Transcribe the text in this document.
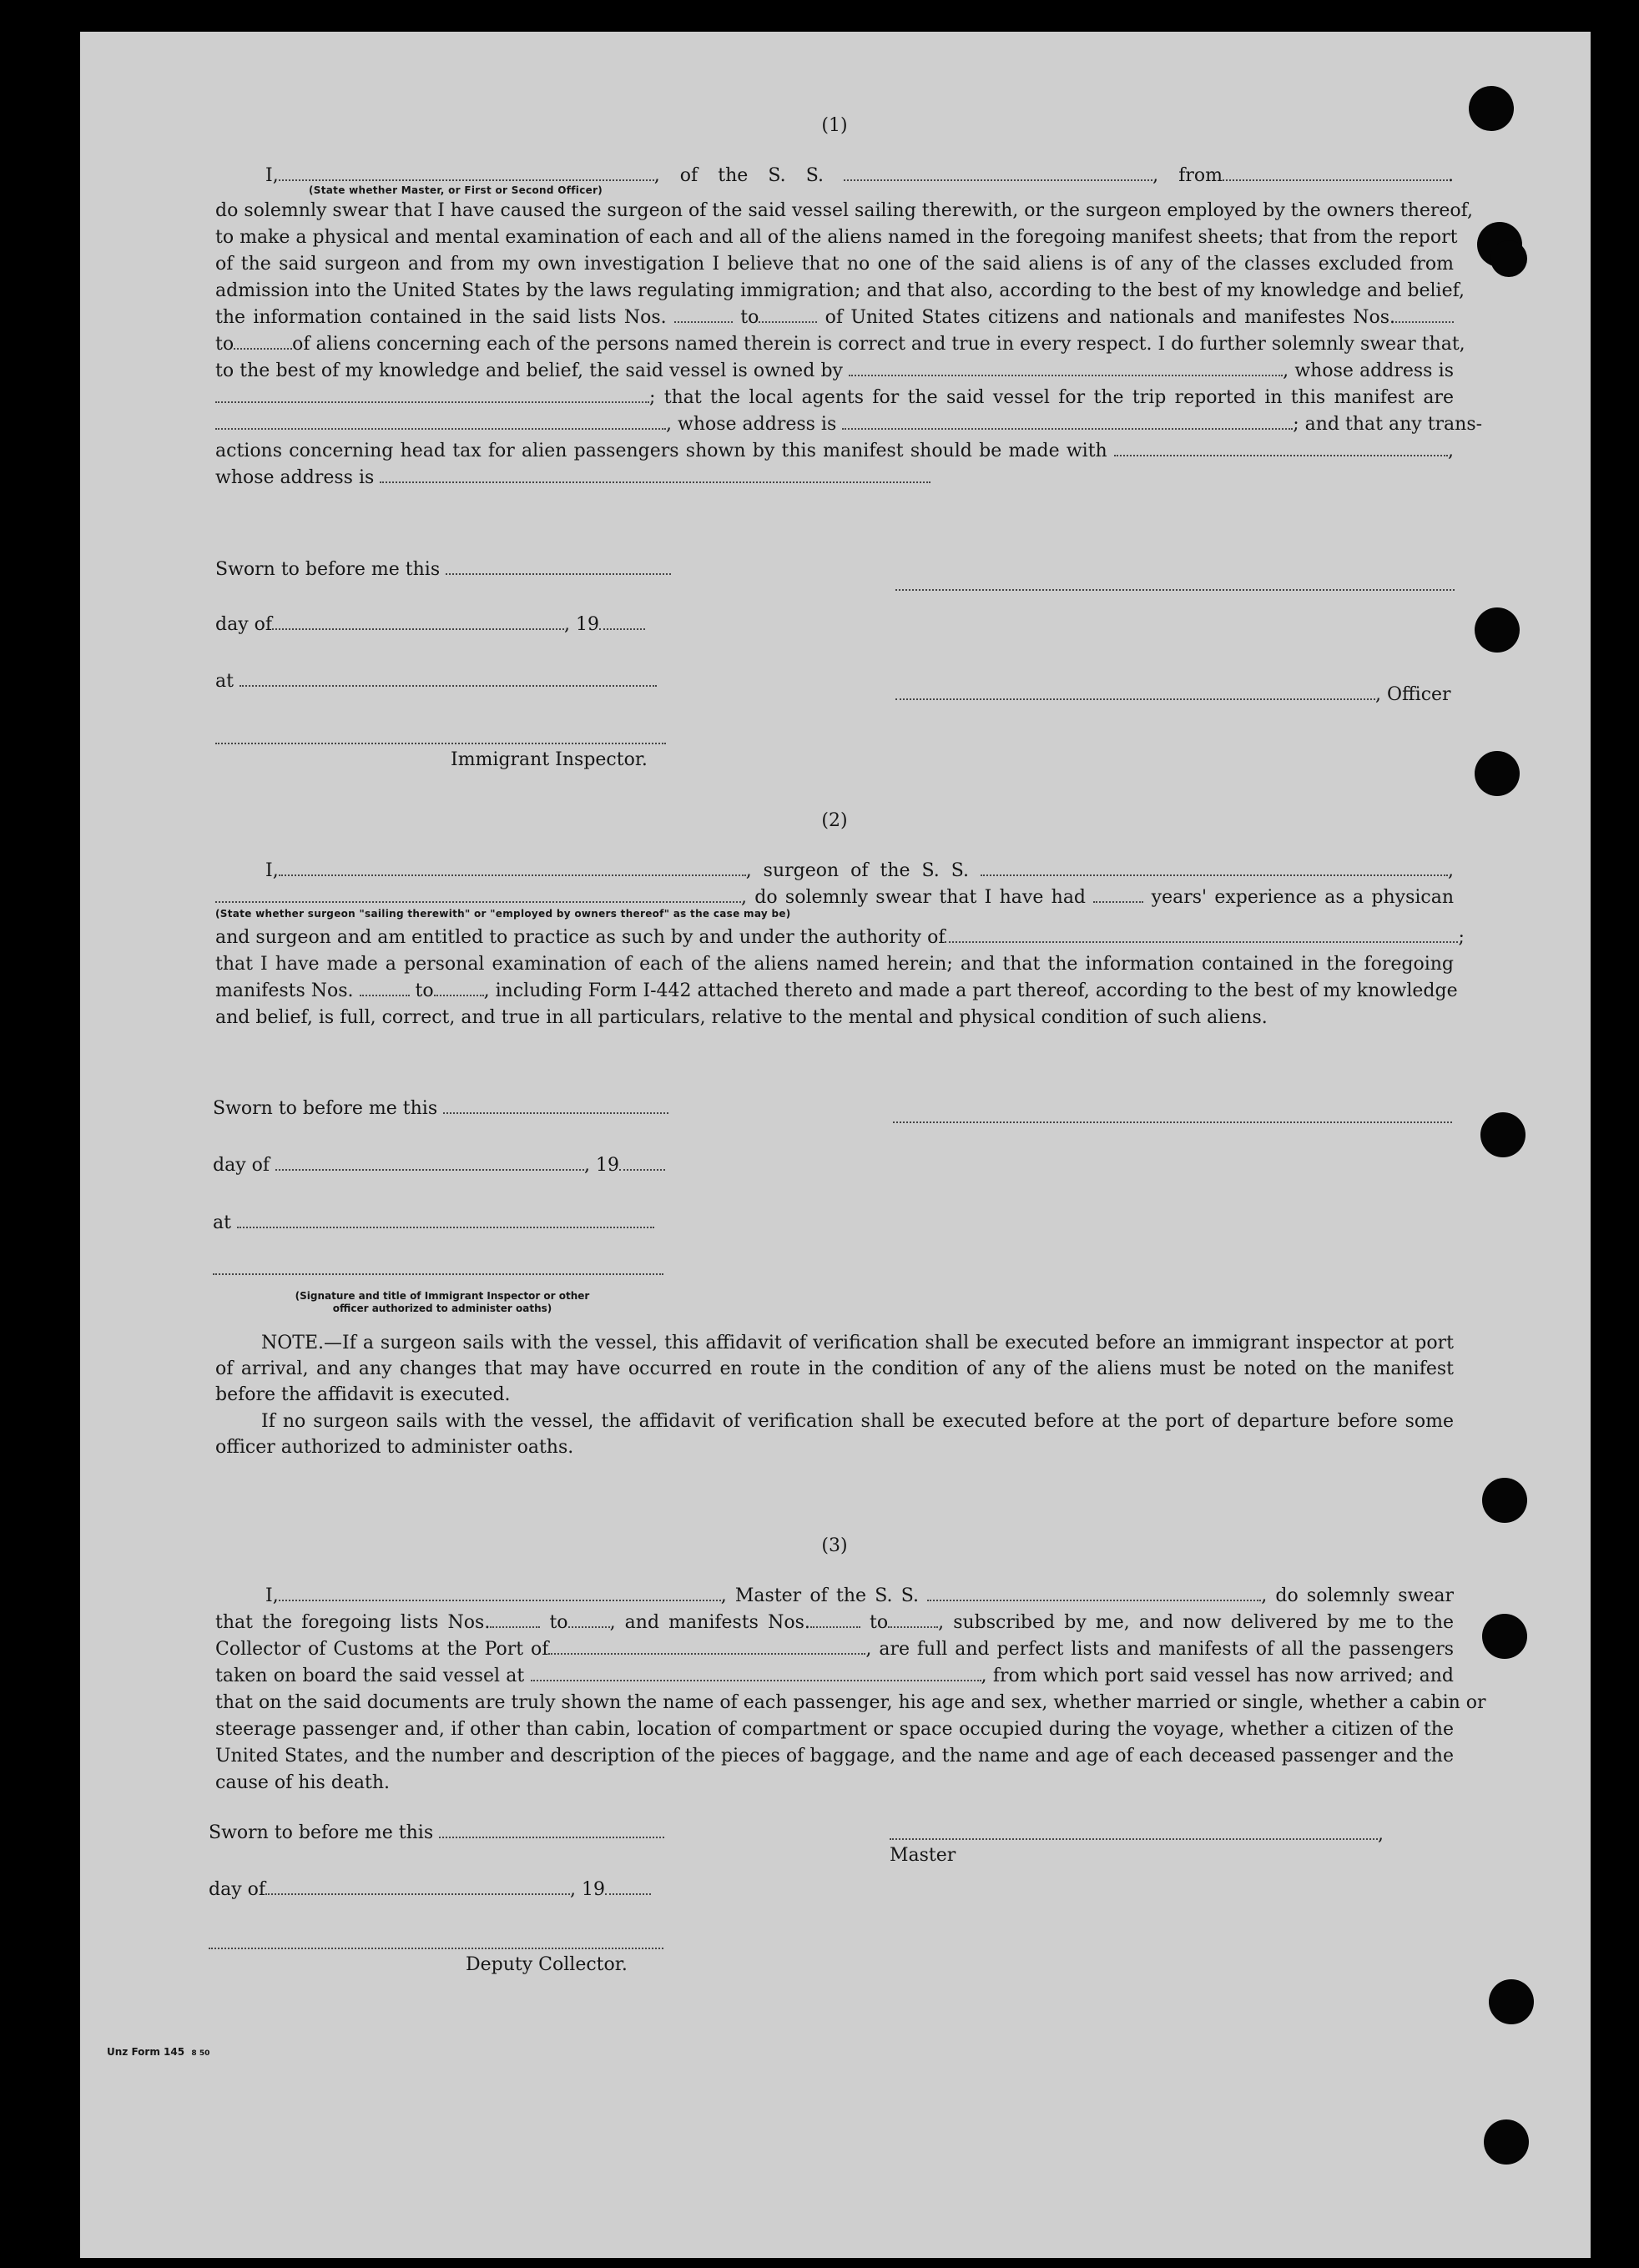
(1)
I,	, of the S. S.	, from	.
(State whether Master, or First or Second Officer)
do solemnly swear that I have caused the surgeon of the said vessel sailing therewith, or the surgeon employed by the owners thereof,
to make a physical and mental examination of each and all of the aliens named in the foregoing manifest sheets; that from the report
of the said surgeon and from my own investigation I believe that no one of the said aliens is of any of the classes excluded from
admission into the United States by the laws regulating immigration; and that also, according to the best of my knowledge and belief,
the information contained in the said lists Nos.	to	of United States citizens and nationals and manifestes Nos.
to	of aliens concerning each of the persons named therein is correct and true in every respect. I do further solemnly swear that,
to the best of my knowledge and belief, the said vessel is owned by	, whose address is
; that the local agents for the said vessel for the trip reported in this manifest are
, whose address is	; and that any trans-
actions concerning head tax for alien passengers shown by this manifest should be made with	,
whose address is
Sworn to before me this
day of	, 19
at
, Officer
Immigrant Inspector.
(2)
I,	, surgeon of the S. S.	,
, do solemnly swear that I have had	years' experience as a physican
(State whether surgeon "sailing therewith" or "employed by owners thereof" as the case may be)
and surgeon and am entitled to practice as such by and under the authority of	;
that I have made a personal examination of each of the aliens named herein; and that the information contained in the foregoing
manifests Nos.	to	, including Form I-442 attached thereto and made a part thereof, according to the best of my knowledge
and belief, is full, correct, and true in all particulars, relative to the mental and physical condition of such aliens.
Sworn to before me this
day of	, 19
at
(Signature and title of Immigrant Inspector or other
officer authorized to administer oaths)
NOTE.—If a surgeon sails with the vessel, this affidavit of verification shall be executed before an immigrant inspector at port of arrival, and any changes that may have occurred en route in the condition of any of the aliens must be noted on the manifest before the affidavit is executed.
If no surgeon sails with the vessel, the affidavit of verification shall be executed before at the port of departure before some officer authorized to administer oaths.
(3)
I,	, Master of the S. S.	, do solemnly swear
that the foregoing lists Nos.	to , and manifests Nos.	to	, subscribed by me, and now delivered by me to the
Collector of Customs at the Port of	, are full and perfect lists and manifests of all the passengers
taken on board the said vessel at	, from which port said vessel has now arrived; and
that on the said documents are truly shown the name of each passenger, his age and sex, whether married or single, whether a cabin or
steerage passenger and, if other than cabin, location of compartment or space occupied during the voyage, whether a citizen of the
United States, and the number and description of the pieces of baggage, and the name and age of each deceased passenger and the
cause of his death.
Sworn to before me this	, Master
day of	, 19
Deputy Collector.
Unz Form 145 8 50
